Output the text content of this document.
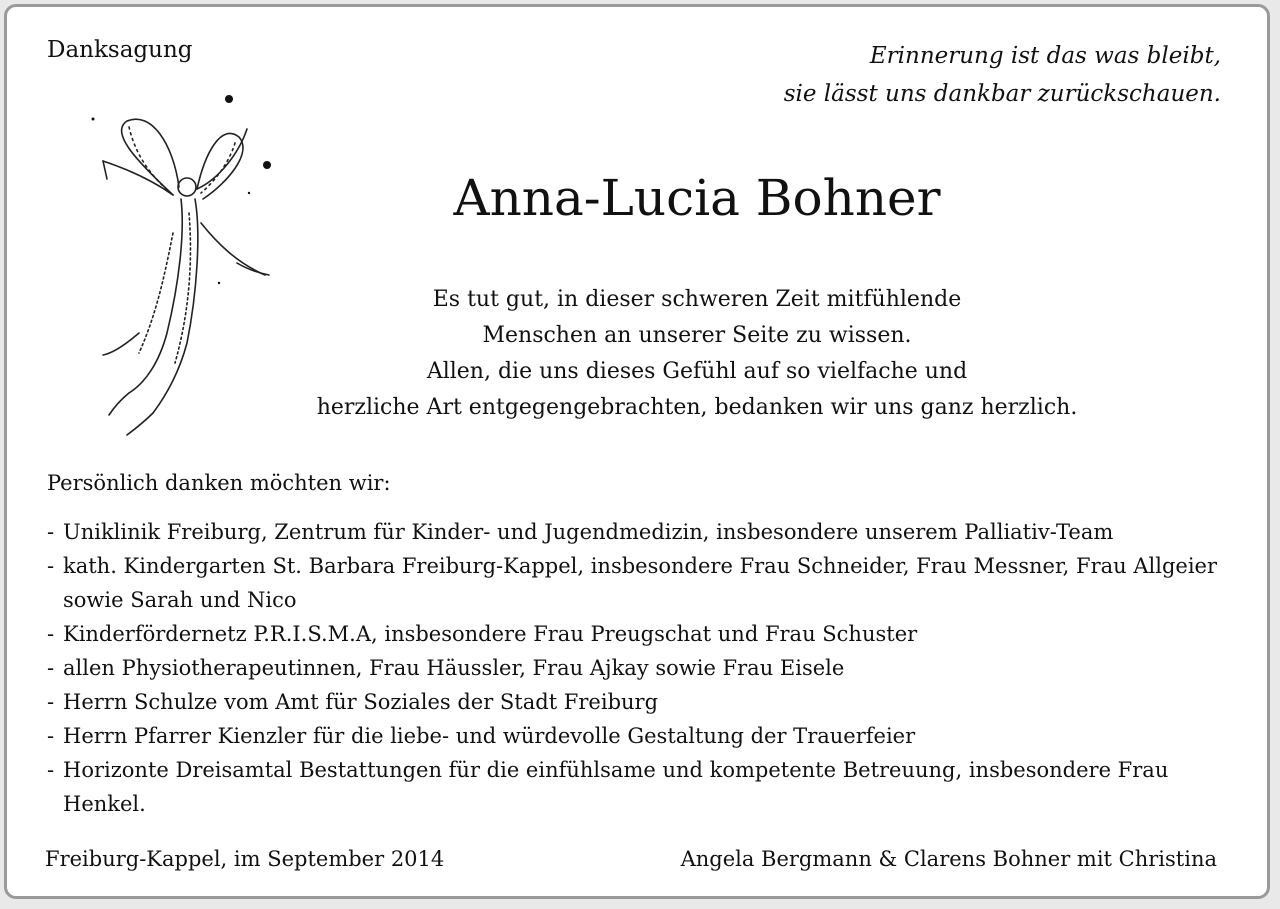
Danksagung	Erinnerung ist das was bleibt,
sie lässt uns dankbar zurückschauen.
Anna-Lucia Bohner
Es tut gut, in dieser schweren Zeit mitfühlende
Menschen an unserer Seite zu wissen.
Allen, die uns dieses Gefühl auf so vielfache und
herzliche Art entgegengebrachten, bedanken wir uns ganz herzlich.
Persönlich danken möchten wir:
- Uniklinik Freiburg, Zentrum für Kinder- und Jugendmedizin, insbesondere unserem Palliativ-Team
- kath. Kindergarten St. Barbara Freiburg-Kappel, insbesondere Frau Schneider, Frau Messner, Frau Allgeier sowie Sarah und Nico
- Kinderfördernetz P.R.I.S.M.A, insbesondere Frau Preugschat und Frau Schuster
- allen Physiotherapeutinnen, Frau Häussler, Frau Ajkay sowie Frau Eisele
- Herrn Schulze vom Amt für Soziales der Stadt Freiburg
- Herrn Pfarrer Kienzler für die liebe- und würdevolle Gestaltung der Trauerfeier
- Horizonte Dreisamtal Bestattungen für die einfühlsame und kompetente Betreuung, insbesondere Frau Henkel.
Freiburg-Kappel, im September 2014	Angela Bergmann & Clarens Bohner mit Christina
